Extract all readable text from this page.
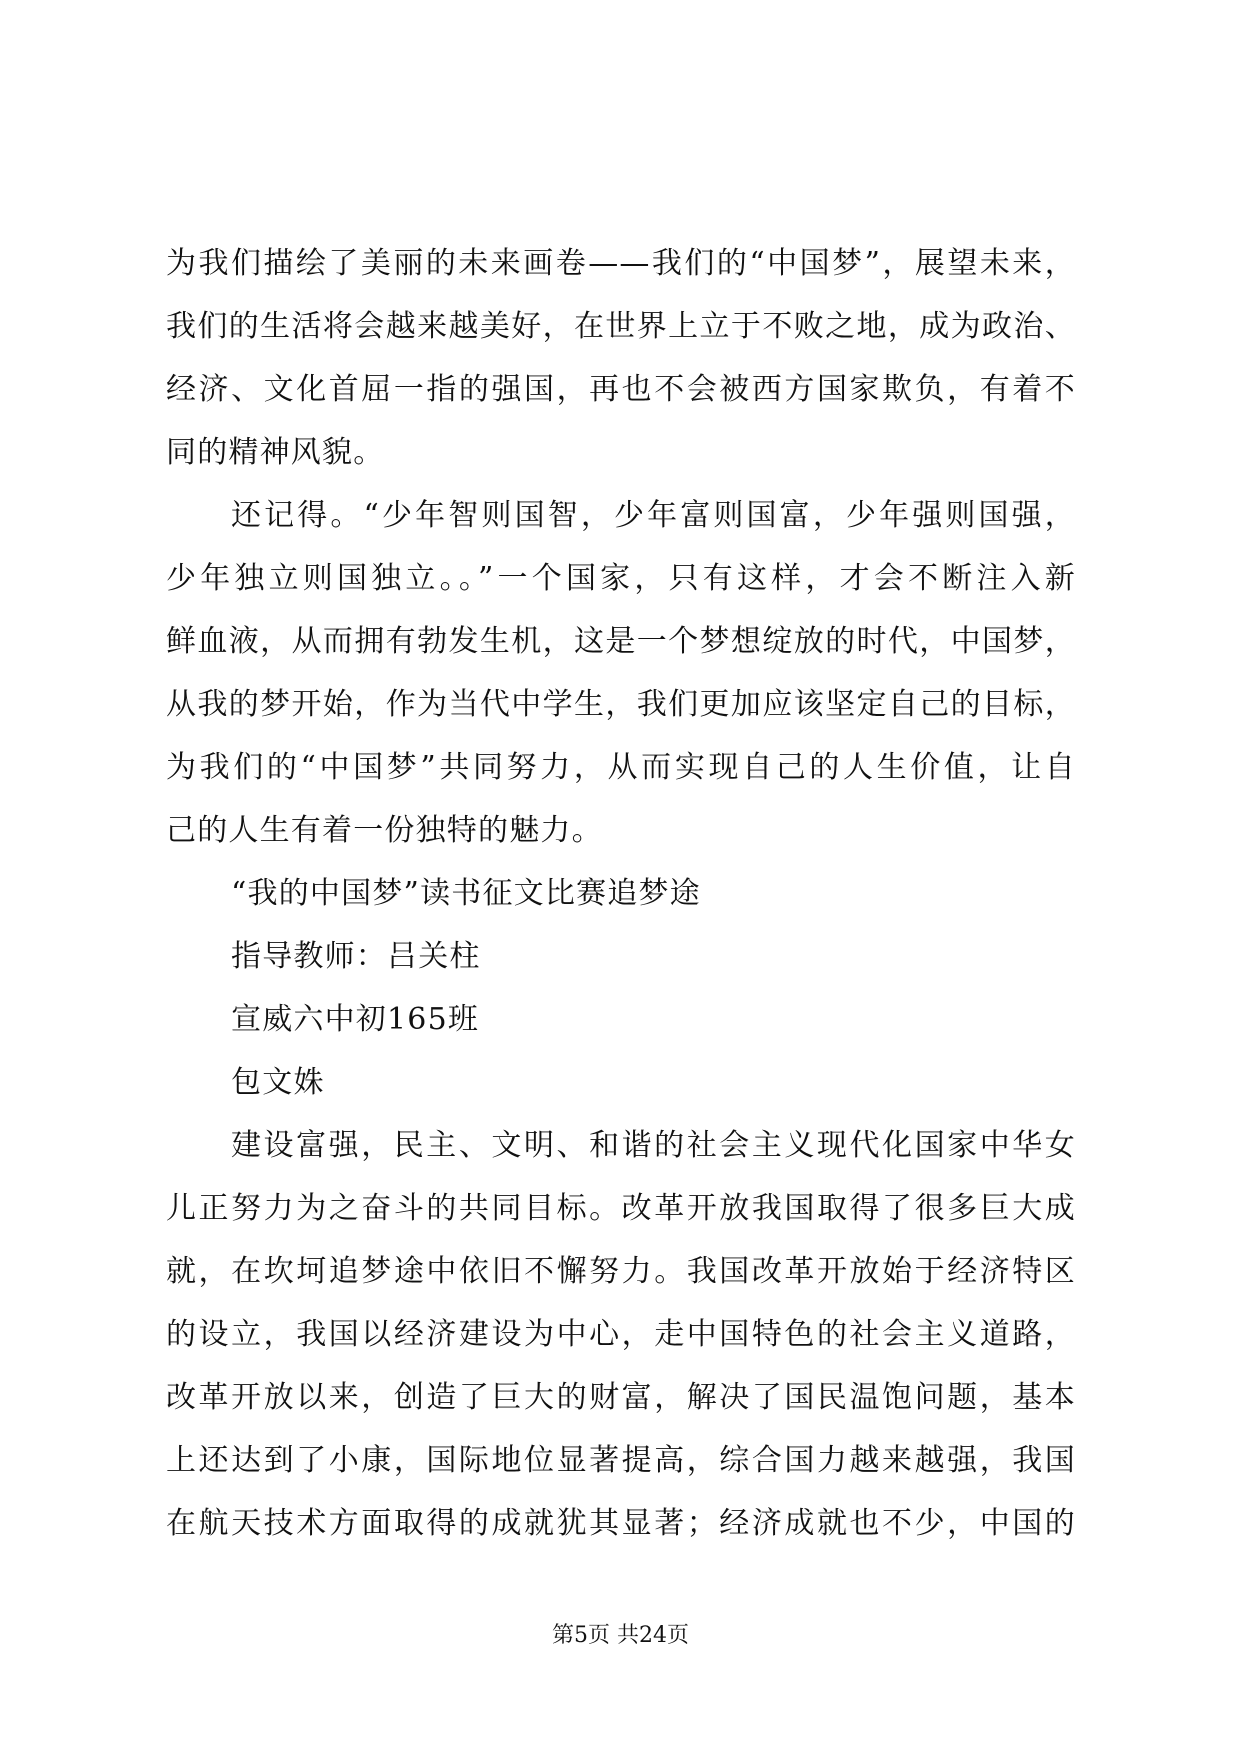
为我们描绘了美丽的未来画卷——我们的“中国梦”，展望未来，
我们的生活将会越来越美好，在世界上立于不败之地，成为政治、
经济、文化首屈一指的强国，再也不会被西方国家欺负，有着不
同的精神风貌。
还记得。“少年智则国智，少年富则国富，少年强则国强，
少年独立则国独立。。”一个国家，只有这样，才会不断注入新
鲜血液，从而拥有勃发生机，这是一个梦想绽放的时代，中国梦，
从我的梦开始，作为当代中学生，我们更加应该坚定自己的目标，
为我们的“中国梦”共同努力，从而实现自己的人生价值，让自
己的人生有着一份独特的魅力。
“我的中国梦”读书征文比赛追梦途
指导教师：吕关柱
宣威六中初165班
包文姝
建设富强，民主、文明、和谐的社会主义现代化国家中华女
儿正努力为之奋斗的共同目标。改革开放我国取得了很多巨大成
就，在坎坷追梦途中依旧不懈努力。我国改革开放始于经济特区
的设立，我国以经济建设为中心，走中国特色的社会主义道路，
改革开放以来，创造了巨大的财富，解决了国民温饱问题，基本
上还达到了小康，国际地位显著提高，综合国力越来越强，我国
在航天技术方面取得的成就犹其显著；经济成就也不少，中国的
第5页 共24页
